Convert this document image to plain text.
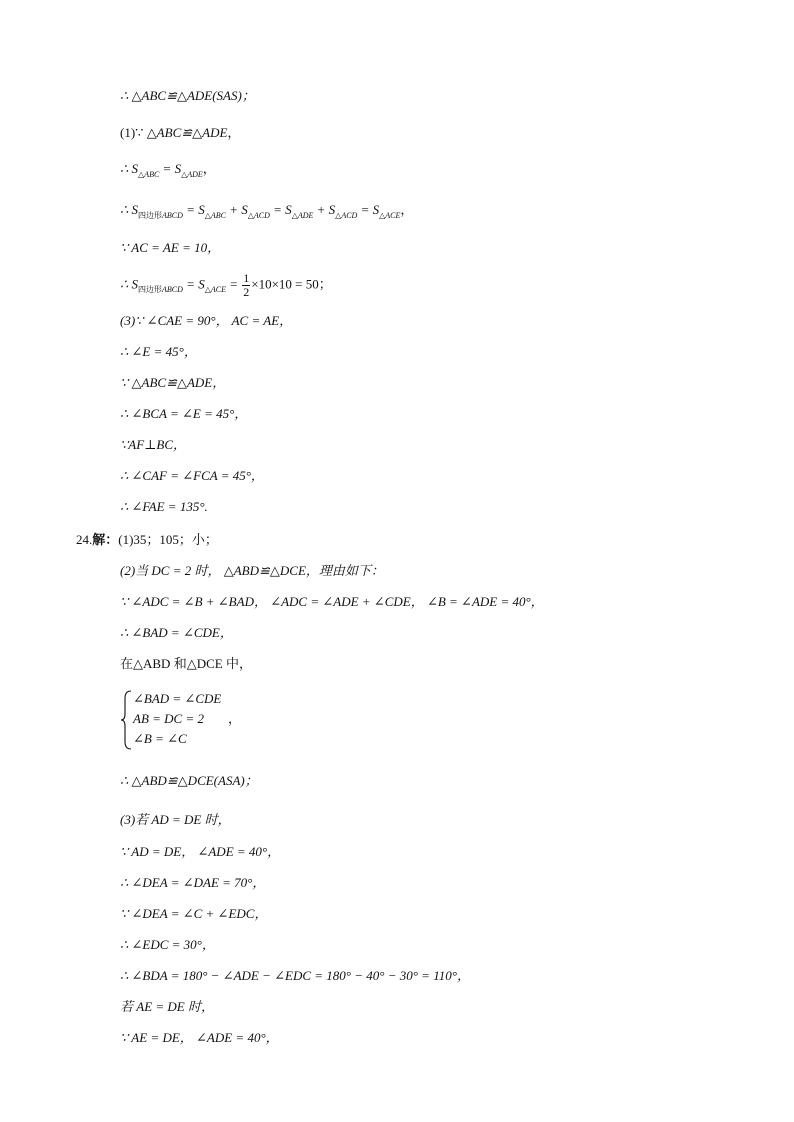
∴ △ABC≌△ADE(SAS)；
(1)∵ △ABC≌△ADE，
∴ $S_{\triangle ABC} = S_{\triangle ADE}$，
∴ $S_{四边形ABCD} = S_{\triangle ABC} + S_{\triangle ACD} = S_{\triangle ADE} + S_{\triangle ACD} = S_{\triangle ACE}$，
∵ AC = AE = 10，
∴ $S_{四边形ABCD} = S_{\triangle ACE} = \frac{1}{2} \times 10\times 10 = 50$；
(3)∵ ∠CAE = 90°， AC = AE，
∴ ∠E = 45°，
∵ △ABC≌△ADE，
∴ ∠BCA = ∠E = 45°，
∵AF⊥BC，
∴ ∠CAF = ∠FCA = 45°，
∴ ∠FAE = 135°.
24.解：(1)35；105；小；
(2)当 DC = 2 时， △ABD≌△DCE，理由如下：
∵ ∠ADC = ∠B + ∠BAD， ∠ADC = ∠ADE + ∠CDE， ∠B = ∠ADE = 40°，
∴ ∠BAD = ∠CDE，
在△ABD 和△DCE 中，
∠BAD = ∠CDE
AB = DC = 2 ，
∠B = ∠C
∴ △ABD≌△DCE(ASA)；
(3)若 AD = DE 时，
∵ AD = DE， ∠ADE = 40°，
∴ ∠DEA = ∠DAE = 70°，
∵ ∠DEA = ∠C + ∠EDC，
∴ ∠EDC = 30°，
∴ ∠BDA = 180° − ∠ADE − ∠EDC = 180° − 40° − 30° = 110°，
若 AE = DE 时，
∵ AE = DE， ∠ADE = 40°，
